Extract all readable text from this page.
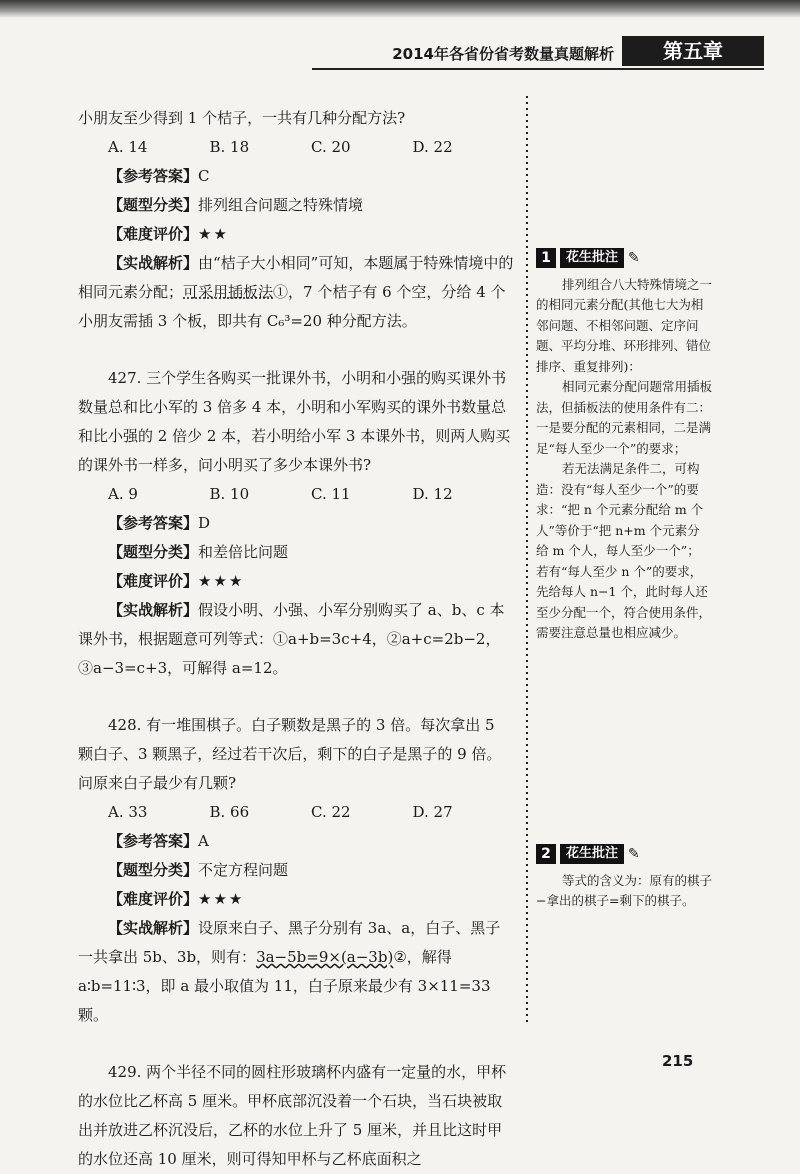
2014年各省份省考数量真题解析	第五章

小朋友至少得到 1 个桔子，一共有几种分配方法?

A. 14	B. 18	C. 20	D. 22

【参考答案】C

【题型分类】排列组合问题之特殊情境

【难度评价】★★

【实战解析】由“桔子大小相同”可知，本题属于特殊情境中的相同元素分配；可采用插板法①，7 个桔子有 6 个空，分给 4 个小朋友需插 3 个板，即共有 C₆³=20 种分配方法。

427. 三个学生各购买一批课外书，小明和小强的购买课外书数量总和比小军的 3 倍多 4 本，小明和小军购买的课外书数量总和比小强的 2 倍少 2 本，若小明给小军 3 本课外书，则两人购买的课外书一样多，问小明买了多少本课外书?

A. 9	B. 10	C. 11	D. 12

【参考答案】D

【题型分类】和差倍比问题

【难度评价】★★★

【实战解析】假设小明、小强、小军分别购买了 a、b、c 本课外书，根据题意可列等式：①a+b=3c+4，②a+c=2b−2，③a−3=c+3，可解得 a=12。

428. 有一堆围棋子。白子颗数是黑子的 3 倍。每次拿出 5 颗白子、3 颗黑子，经过若干次后，剩下的白子是黑子的 9 倍。问原来白子最少有几颗?

A. 33	B. 66	C. 22	D. 27

【参考答案】A

【题型分类】不定方程问题

【难度评价】★★★

【实战解析】设原来白子、黑子分别有 3a、a，白子、黑子一共拿出 5b、3b，则有：3a−5b=9×(a−3b)②，解得 a∶b=11∶3，即 a 最小取值为 11，白子原来最少有 3×11=33 颗。

429. 两个半径不同的圆柱形玻璃杯内盛有一定量的水，甲杯的水位比乙杯高 5 厘米。甲杯底部沉没着一个石块，当石块被取出并放进乙杯沉没后，乙杯的水位上升了 5 厘米，并且比这时甲的水位还高 10 厘米，则可得知甲杯与乙杯底面积之

1	花生批注 ✎

排列组合八大特殊情境之一的相同元素分配(其他七大为相邻问题、不相邻问题、定序问题、平均分堆、环形排列、错位排序、重复排列)：

相同元素分配问题常用插板法，但插板法的使用条件有二：一是要分配的元素相同，二是满足“每人至少一个”的要求；

若无法满足条件二，可构造：没有“每人至少一个”的要求：“把 n 个元素分配给 m 个人”等价于“把 n+m 个元素分给 m 个人，每人至少一个”；若有“每人至少 n 个”的要求，先给每人 n−1 个，此时每人还至少分配一个，符合使用条件，需要注意总量也相应减少。

2	花生批注 ✎

等式的含义为：原有的棋子−拿出的棋子=剩下的棋子。

215
